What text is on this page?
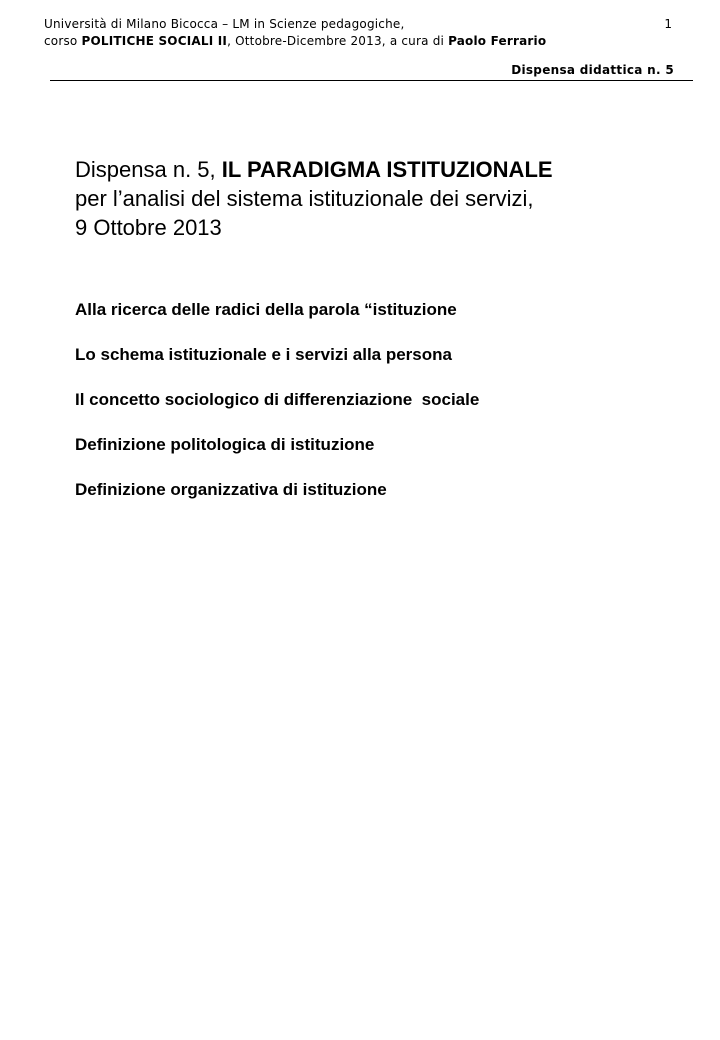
Università di Milano Bicocca – LM in Scienze pedagogiche,
corso POLITICHE SOCIALI II, Ottobre-Dicembre 2013, a cura di Paolo Ferrario
1
Dispensa didattica n. 5
Dispensa n. 5, IL PARADIGMA ISTITUZIONALE
per l’analisi del sistema istituzionale dei servizi,
9 Ottobre 2013
Alla ricerca delle radici della parola “istituzione
Lo schema istituzionale e i servizi alla persona
Il concetto sociologico di differenziazione  sociale
Definizione politologica di istituzione
Definizione organizzativa di istituzione
